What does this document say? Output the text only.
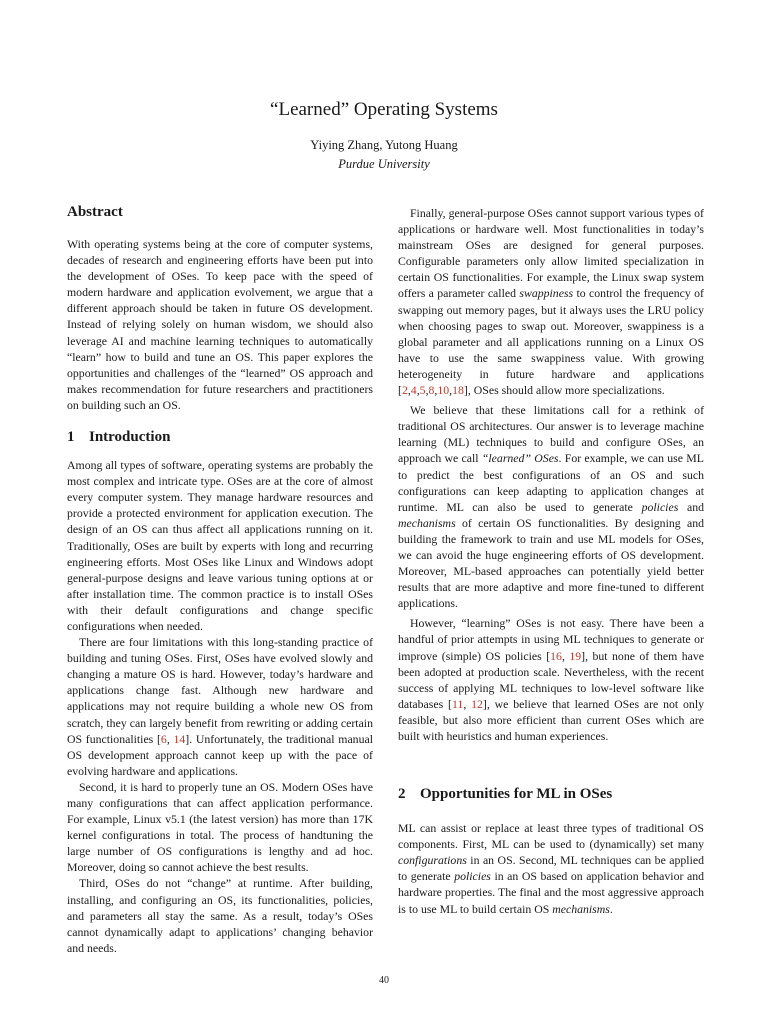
“Learned” Operating Systems
Yiying Zhang, Yutong Huang
Purdue University
Abstract

With operating systems being at the core of computer systems, decades of research and engineering efforts have been put into the development of OSes. To keep pace with the speed of modern hardware and application evolvement, we argue that a different approach should be taken in future OS development. Instead of relying solely on human wisdom, we should also leverage AI and machine learning techniques to automatically “learn” how to build and tune an OS. This paper explores the opportunities and challenges of the “learned” OS approach and makes recommendation for future researchers and practitioners on building such an OS.

1 Introduction

Among all types of software, operating systems are probably the most complex and intricate type. OSes are at the core of almost every computer system. They manage hardware resources and provide a protected environment for application execution. The design of an OS can thus affect all applications running on it. Traditionally, OSes are built by experts with long and recurring engineering efforts. Most OSes like Linux and Windows adopt general-purpose designs and leave various tuning options at or after installation time. The common practice is to install OSes with their default configurations and change specific configurations when needed.

There are four limitations with this long-standing practice of building and tuning OSes. First, OSes have evolved slowly and changing a mature OS is hard. However, today’s hardware and applications change fast. Although new hardware and applications may not require building a whole new OS from scratch, they can largely benefit from rewriting or adding certain OS functionalities [6, 14]. Unfortunately, the traditional manual OS development approach cannot keep up with the pace of evolving hardware and applications.

Second, it is hard to properly tune an OS. Modern OSes have many configurations that can affect application performance. For example, Linux v5.1 (the latest version) has more than 17K kernel configurations in total. The process of handtuning the large number of OS configurations is lengthy and ad hoc. Moreover, doing so cannot achieve the best results.

Third, OSes do not “change” at runtime. After building, installing, and configuring an OS, its functionalities, policies, and parameters all stay the same. As a result, today’s OSes cannot dynamically adapt to applications’ changing behavior and needs.

Finally, general-purpose OSes cannot support various types of applications or hardware well. Most functionalities in today’s mainstream OSes are designed for general purposes. Configurable parameters only allow limited specialization in certain OS functionalities. For example, the Linux swap system offers a parameter called swappiness to control the frequency of swapping out memory pages, but it always uses the LRU policy when choosing pages to swap out. Moreover, swappiness is a global parameter and all applications running on a Linux OS have to use the same swappiness value. With growing heterogeneity in future hardware and applications [2,4,5,8,10,18], OSes should allow more specializations.

We believe that these limitations call for a rethink of traditional OS architectures. Our answer is to leverage machine learning (ML) techniques to build and configure OSes, an approach we call “learned” OSes. For example, we can use ML to predict the best configurations of an OS and such configurations can keep adapting to application changes at runtime. ML can also be used to generate policies and mechanisms of certain OS functionalities. By designing and building the framework to train and use ML models for OSes, we can avoid the huge engineering efforts of OS development. Moreover, ML-based approaches can potentially yield better results that are more adaptive and more fine-tuned to different applications.

However, “learning” OSes is not easy. There have been a handful of prior attempts in using ML techniques to generate or improve (simple) OS policies [16, 19], but none of them have been adopted at production scale. Nevertheless, with the recent success of applying ML techniques to low-level software like databases [11, 12], we believe that learned OSes are not only feasible, but also more efficient than current OSes which are built with heuristics and human experiences.

2 Opportunities for ML in OSes

ML can assist or replace at least three types of traditional OS components. First, ML can be used to (dynamically) set many configurations in an OS. Second, ML techniques can be applied to generate policies in an OS based on application behavior and hardware properties. The final and the most aggressive approach is to use ML to build certain OS mechanisms.

40
